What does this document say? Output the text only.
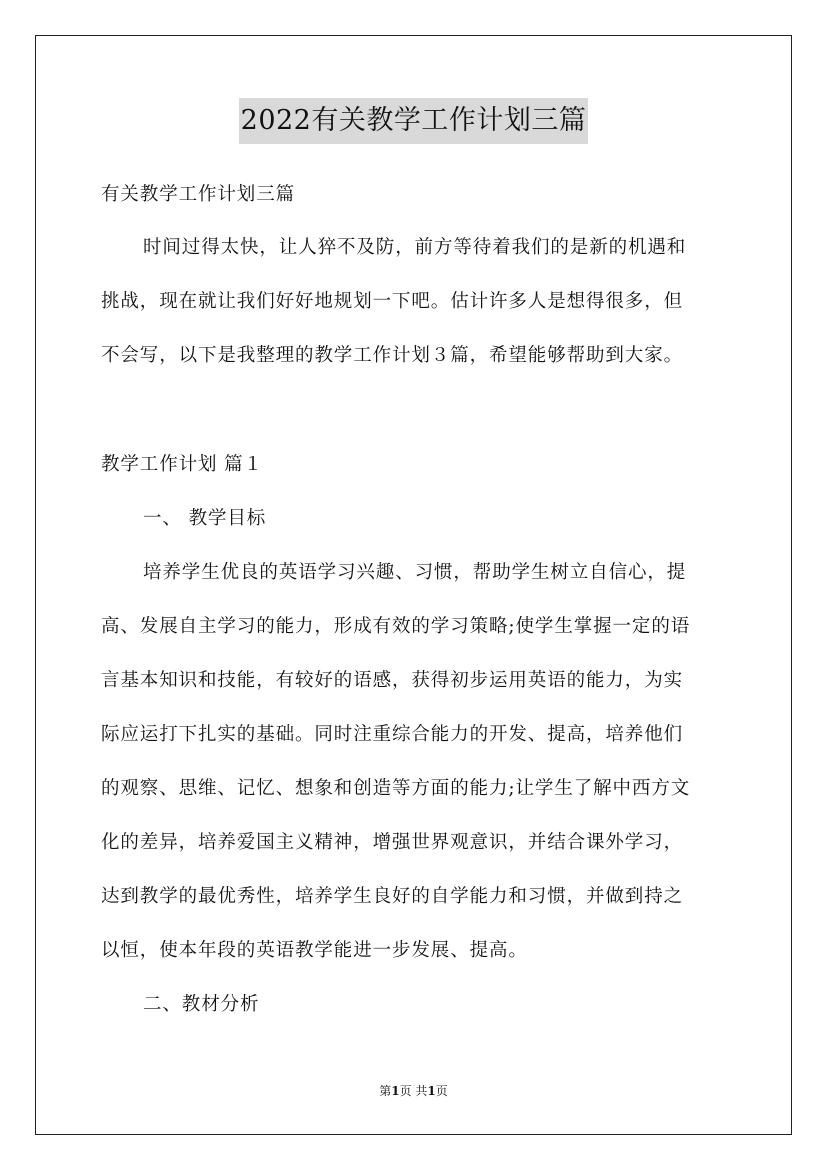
2022有关教学工作计划三篇
有关教学工作计划三篇
时间过得太快，让人猝不及防，前方等待着我们的是新的机遇和
挑战，现在就让我们好好地规划一下吧。估计许多人是想得很多，但
不会写，以下是我整理的教学工作计划３篇，希望能够帮助到大家。
教学工作计划 篇１
一、 教学目标
培养学生优良的英语学习兴趣、习惯，帮助学生树立自信心，提
高、发展自主学习的能力，形成有效的学习策略;使学生掌握一定的语
言基本知识和技能，有较好的语感，获得初步运用英语的能力，为实
际应运打下扎实的基础。同时注重综合能力的开发、提高，培养他们
的观察、思维、记忆、想象和创造等方面的能力;让学生了解中西方文
化的差异，培养爱国主义精神，增强世界观意识，并结合课外学习，
达到教学的最优秀性，培养学生良好的自学能力和习惯，并做到持之
以恒，使本年段的英语教学能进一步发展、提高。
二、教材分析
第1页 共1页
